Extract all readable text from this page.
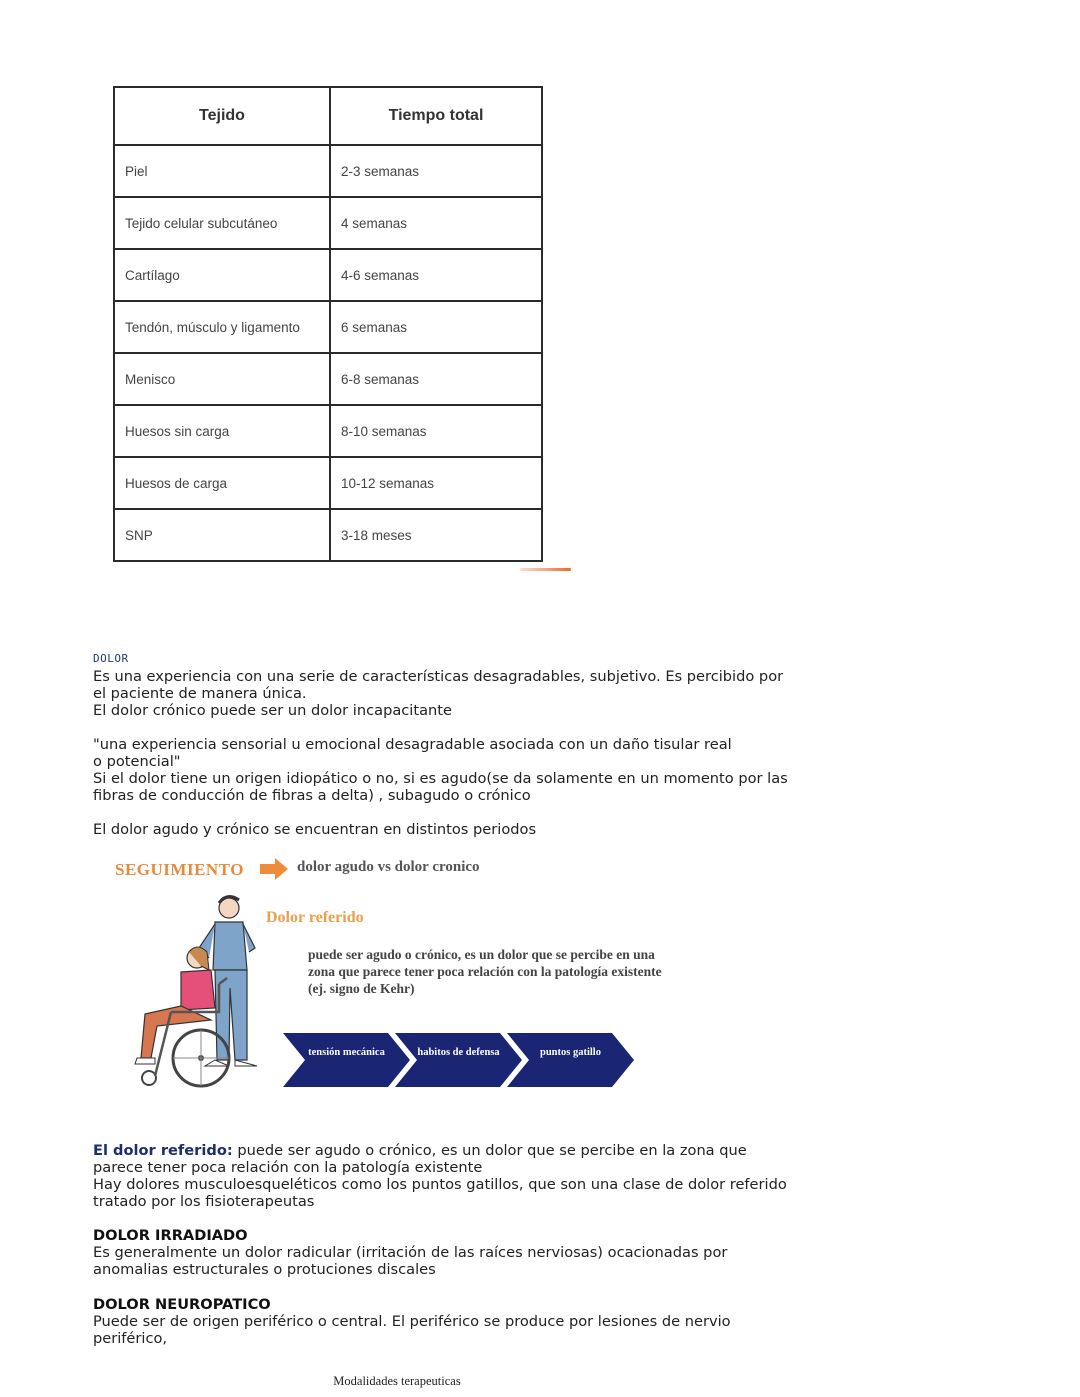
Tejido	Tiempo total
Piel	2-3 semanas
Tejido celular subcutáneo	4 semanas
Cartílago	4-6 semanas
Tendón, músculo y ligamento	6 semanas
Menisco	6-8 semanas
Huesos sin carga	8-10 semanas
Huesos de carga	10-12 semanas
SNP	3-18 meses
DOLOR

Es una experiencia con una serie de características desagradables, subjetivo. Es percibido por el paciente de manera única.

El dolor crónico puede ser un dolor incapacitante

"una experiencia sensorial u emocional desagradable asociada con un daño tisular real o potencial"

Si el dolor tiene un origen idiopático o no, si es agudo(se da solamente en un momento por las fibras de conducción de fibras a delta) , subagudo o crónico

El dolor agudo y crónico se encuentran en distintos periodos

SEGUIMIENTO	dolor agudo vs dolor cronico
Dolor referido
puede ser agudo o crónico, es un dolor que se percibe en una zona que parece tener poca relación con la patología existente (ej. signo de Kehr)
tensión mecánica	habitos de defensa	puntos gatillo

El dolor referido: puede ser agudo o crónico, es un dolor que se percibe en la zona que parece tener poca relación con la patología existente

Hay dolores musculoesqueléticos como los puntos gatillos, que son una clase de dolor referido tratado por los fisioterapeutas

DOLOR IRRADIADO

Es generalmente un dolor radicular (irritación de las raíces nerviosas) ocacionadas por anomalias estructurales o protuciones discales

DOLOR NEUROPATICO

Puede ser de origen periférico o central. El periférico se produce por lesiones de nervio periférico,

Modalidades terapeuticas
